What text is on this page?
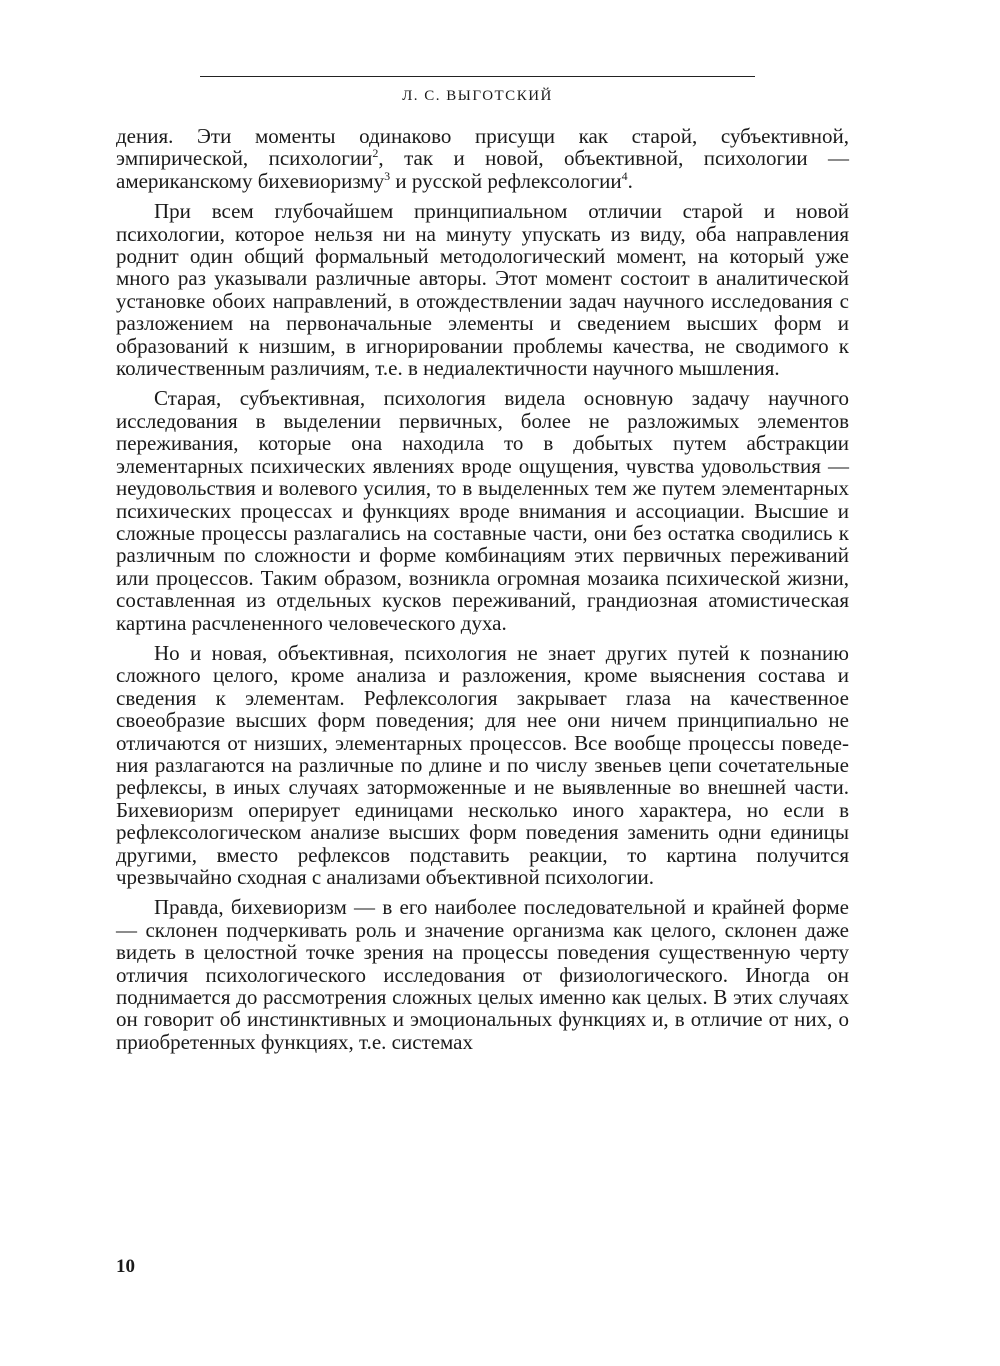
Л. С. ВЫГОТСКИЙ

дения. Эти моменты одинаково присущи как старой, субъективной, эмпирической, психологии$^2$, так и новой, объективной, психологии — американскому бихевиоризму$^3$ и русской рефлексологии$^4$.

При всем глубочайшем принципиальном отличии старой и новой психологии, которое нельзя ни на минуту упускать из виду, оба направления роднит один общий формальный методологический момент, на который уже много раз указывали различные авторы. Этот момент состоит в аналитической установке обоих направлений, в отождествлении задач научного исследования с разложением на первоначальные элементы и сведением высших форм и образований к низшим, в игнорировании проблемы качества, не сводимого к количественным различиям, т.е. в недиалектичности научного мышления.

Старая, субъективная, психология видела основную задачу научного исследования в выделении первичных, более не разложимых элементов переживания, которые она находила то в добытых путем абстракции элементарных психических явлениях вроде ощущения, чувства удовольствия — неудовольствия и волевого усилия, то в выделенных тем же путем элементарных психических процессах и функциях вроде внимания и ассоциации. Высшие и сложные процессы разлагались на составные части, они без остатка сводились к различным по сложности и форме комбинациям этих первичных переживаний или процессов. Таким образом, возникла огромная мозаика психической жизни, составленная из отдельных кусков переживаний, грандиозная атомистическая картина расчлененного человеческого духа.

Но и новая, объективная, психология не знает других путей к познанию сложного целого, кроме анализа и разложения, кроме выяснения состава и сведения к элементам. Рефлексология закрывает глаза на качественное своеобразие высших форм поведения; для нее они ничем принципиально не отличаются от низших, элементарных процессов. Все вообще процессы поведения разлагаются на различные по длине и по числу звеньев цепи сочетательные рефлексы, в иных случаях заторможенные и не выявленные во внешней части. Бихевиоризм оперирует единицами несколько иного характера, но если в рефлексологическом анализе высших форм поведения заменить одни единицы другими, вместо рефлексов подставить реакции, то картина получится чрезвычайно сходная с анализами объективной психологии.

Правда, бихевиоризм — в его наиболее последовательной и крайней форме — склонен подчеркивать роль и значение организма как целого, склонен даже видеть в целостной точке зрения на процессы поведения существенную черту отличия психологического исследования от физиологического. Иногда он поднимается до рассмотрения сложных целых именно как целых. В этих случаях он говорит об инстинктивных и эмоциональных функциях и, в отличие от них, о приобретенных функциях, т.е. системах

10
